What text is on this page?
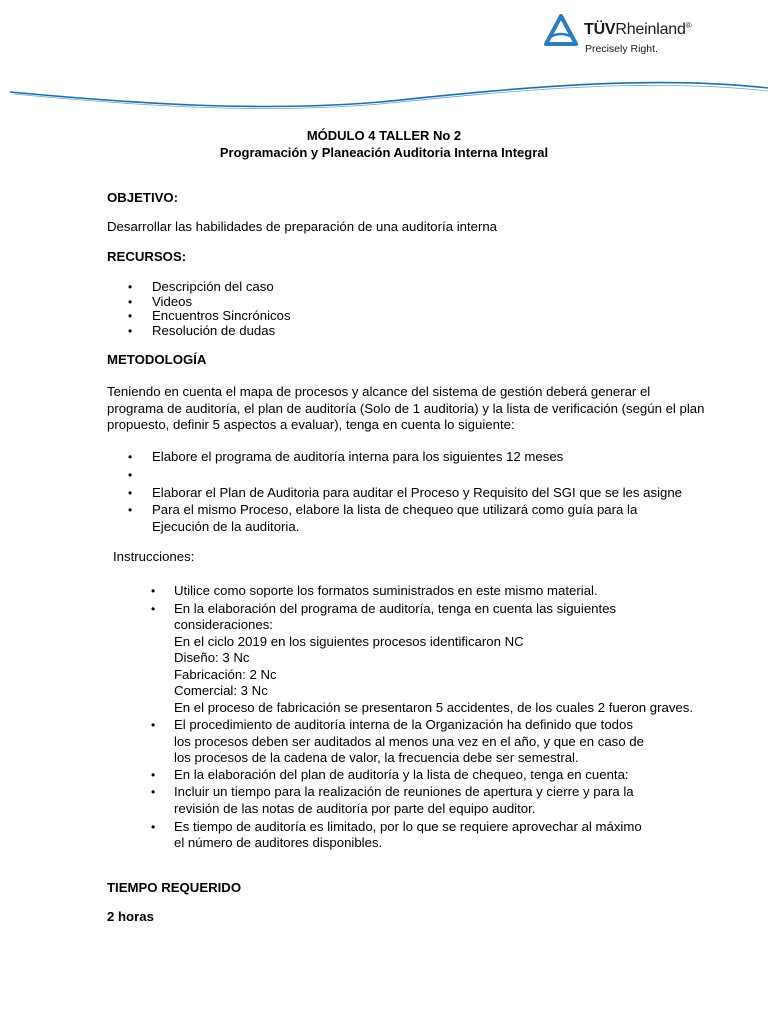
TÜVRheinland®
Precisely Right.
MÓDULO 4 TALLER No 2
Programación y Planeación Auditoria Interna Integral
OBJETIVO:
Desarrollar las habilidades de preparación de una auditoría interna
RECURSOS:
• Descripción del caso
• Videos
• Encuentros Sincrónicos
• Resolución de dudas
METODOLOGÍA
Teniendo en cuenta el mapa de procesos y alcance del sistema de gestión deberá generar el
programa de auditoría, el plan de auditoría (Solo de 1 auditoria) y la lista de verificación (según el plan
propuesto, definir 5 aspectos a evaluar), tenga en cuenta lo siguiente:
• Elabore el programa de auditoría interna para los siguientes 12 meses
•
• Elaborar el Plan de Auditoria para auditar el Proceso y Requisito del SGI que se les asigne
• Para el mismo Proceso, elabore la lista de chequeo que utilizará como guía para la
Ejecución de la auditoria.
Instrucciones:
• Utilice como soporte los formatos suministrados en este mismo material.
• En la elaboración del programa de auditoría, tenga en cuenta las siguientes
consideraciones:
En el ciclo 2019 en los siguientes procesos identificaron NC
Diseño: 3 Nc
Fabricación: 2 Nc
Comercial: 3 Nc
En el proceso de fabricación se presentaron 5 accidentes, de los cuales 2 fueron graves.
• El procedimiento de auditoría interna de la Organización ha definido que todos
los procesos deben ser auditados al menos una vez en el año, y que en caso de
los procesos de la cadena de valor, la frecuencia debe ser semestral.
• En la elaboración del plan de auditoría y la lista de chequeo, tenga en cuenta:
• Incluir un tiempo para la realización de reuniones de apertura y cierre y para la
revisión de las notas de auditoría por parte del equipo auditor.
• Es tiempo de auditoría es limitado, por lo que se requiere aprovechar al máximo
el número de auditores disponibles.
TIEMPO REQUERIDO
2 horas
